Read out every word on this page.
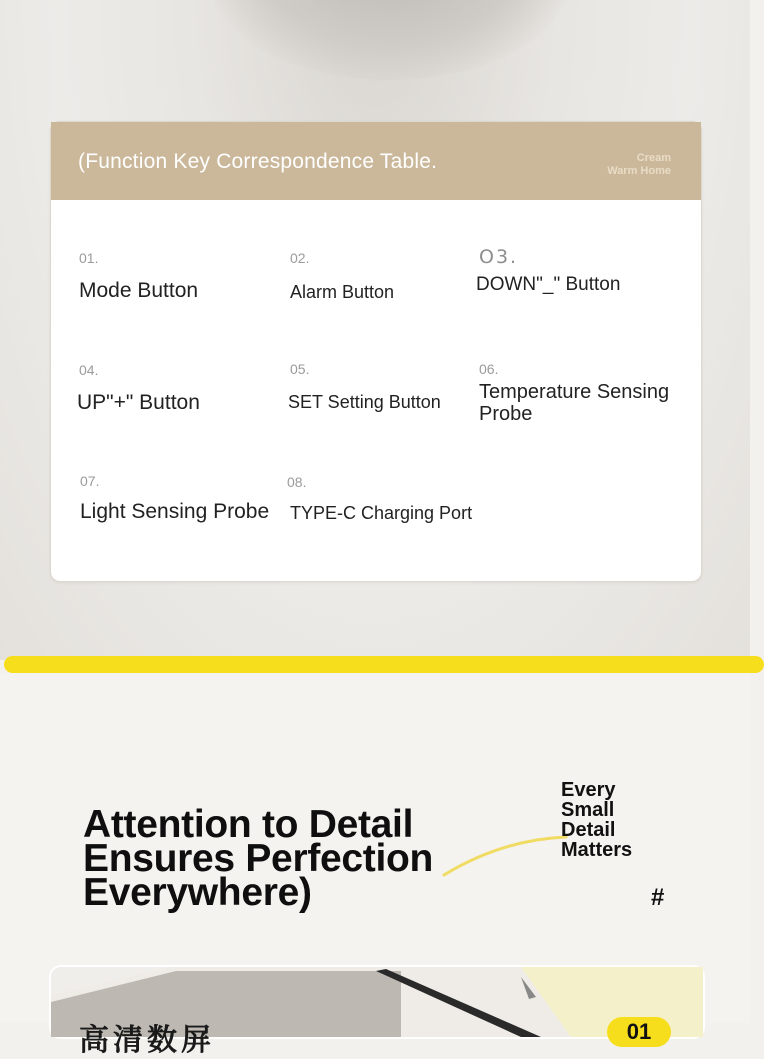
(Function Key Correspondence Table.	Cream
Warm Home
01.
Mode Button
02.
Alarm Button
O3.
DOWN"_" Button
04.
UP"+" Button
05.
SET Setting Button
06.
Temperature Sensing Probe
07.
Light Sensing Probe
08.
TYPE-C Charging Port
Attention to Detail
Ensures Perfection
Everywhere)
Every
Small
Detail
Matters
#
高清数屏	01
